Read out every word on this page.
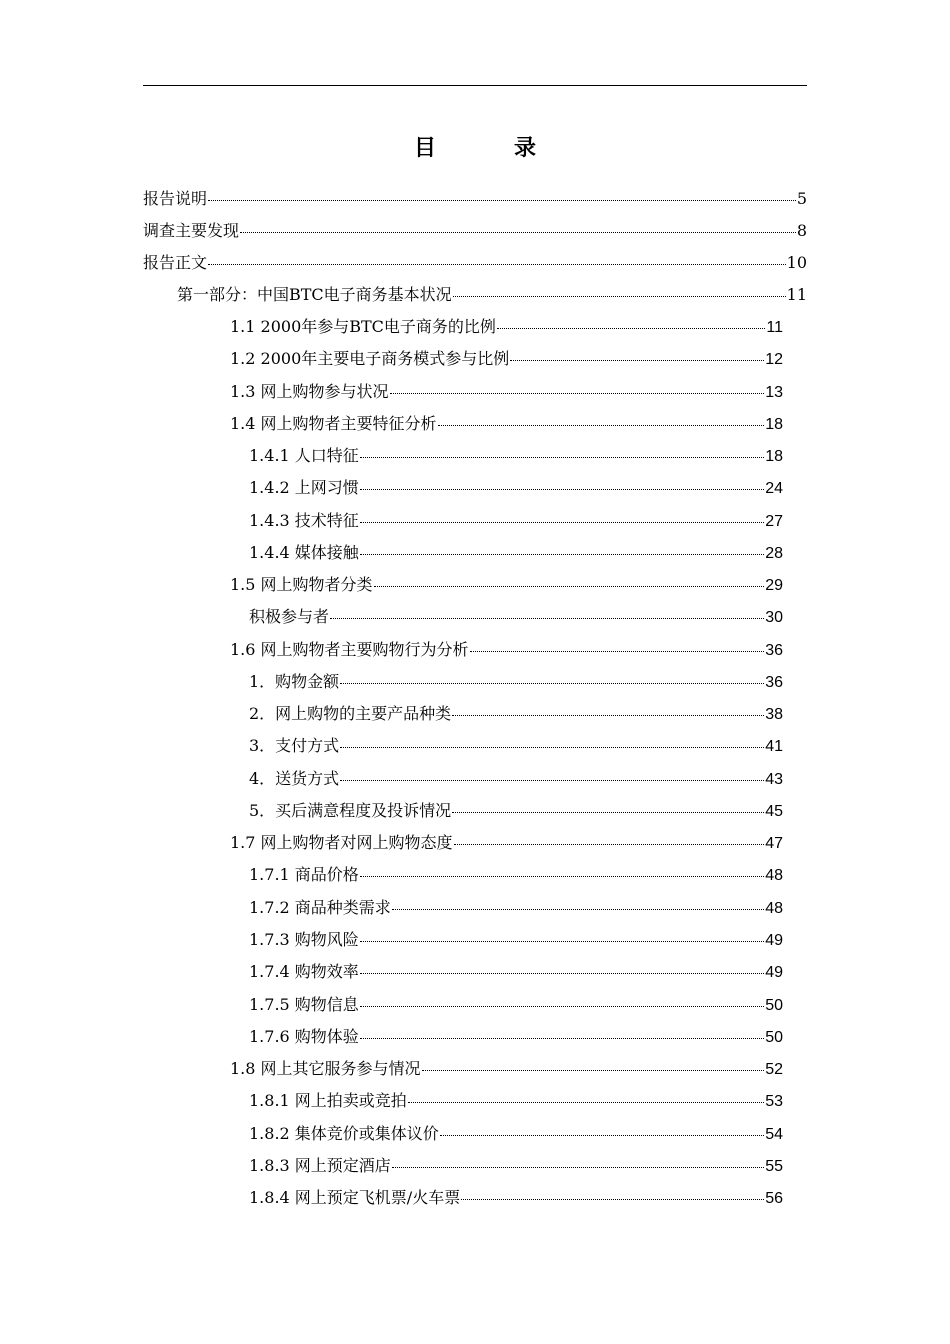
目　录
报告说明	5
调查主要发现	8
报告正文	10
第一部分：中国BTC电子商务基本状况	11
1.1 2000年参与BTC电子商务的比例	11
1.2 2000年主要电子商务模式参与比例	12
1.3 网上购物参与状况	13
1.4 网上购物者主要特征分析	18
1.4.1 人口特征	18
1.4.2 上网习惯	24
1.4.3 技术特征	27
1.4.4 媒体接触	28
1.5 网上购物者分类	29
积极参与者	30
1.6 网上购物者主要购物行为分析	36
1．购物金额	36
2．网上购物的主要产品种类	38
3．支付方式	41
4．送货方式	43
5．买后满意程度及投诉情况	45
1.7 网上购物者对网上购物态度	47
1.7.1 商品价格	48
1.7.2 商品种类需求	48
1.7.3 购物风险	49
1.7.4 购物效率	49
1.7.5 购物信息	50
1.7.6 购物体验	50
1.8 网上其它服务参与情况	52
1.8.1 网上拍卖或竞拍	53
1.8.2 集体竞价或集体议价	54
1.8.3 网上预定酒店	55
1.8.4 网上预定飞机票/火车票	56
